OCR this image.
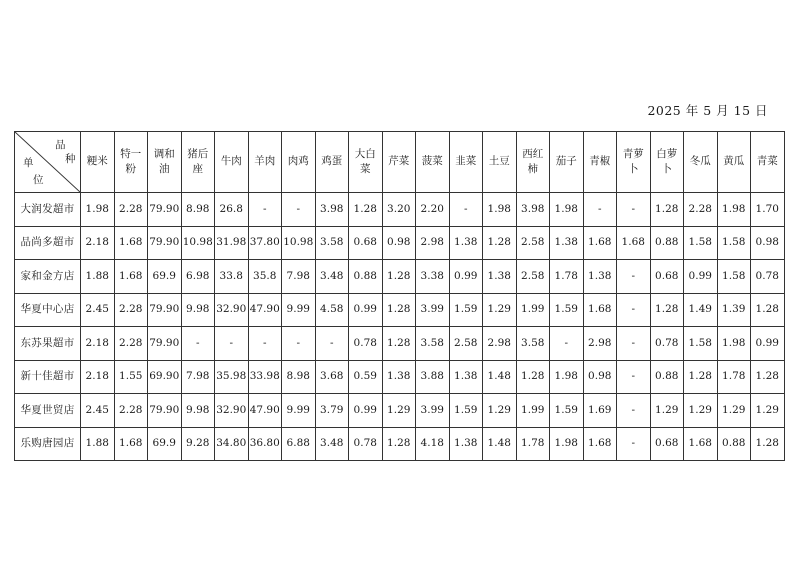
2025 年 5 月 15 日
品
种
单
位	粳米	特一粉	调和油	猪后座	牛肉	羊肉	肉鸡	鸡蛋	大白菜	芹菜	菠菜	韭菜	土豆	西红柿	茄子	青椒	青萝卜	白萝卜	冬瓜	黄瓜	青菜
大润发超市	1.98	2.28	79.90	8.98	26.8	-	-	3.98	1.28	3.20	2.20	-	1.98	3.98	1.98	-	-	1.28	2.28	1.98	1.70
品尚多超市	2.18	1.68	79.90	10.98	31.98	37.80	10.98	3.58	0.68	0.98	2.98	1.38	1.28	2.58	1.38	1.68	1.68	0.88	1.58	1.58	0.98
家和金方店	1.88	1.68	69.9	6.98	33.8	35.8	7.98	3.48	0.88	1.28	3.38	0.99	1.38	2.58	1.78	1.38	-	0.68	0.99	1.58	0.78
华夏中心店	2.45	2.28	79.90	9.98	32.90	47.90	9.99	4.58	0.99	1.28	3.99	1.59	1.29	1.99	1.59	1.68	-	1.28	1.49	1.39	1.28
东苏果超市	2.18	2.28	79.90	-	-	-	-	-	0.78	1.28	3.58	2.58	2.98	3.58	-	2.98	-	0.78	1.58	1.98	0.99
新十佳超市	2.18	1.55	69.90	7.98	35.98	33.98	8.98	3.68	0.59	1.38	3.88	1.38	1.48	1.28	1.98	0.98	-	0.88	1.28	1.78	1.28
华夏世贸店	2.45	2.28	79.90	9.98	32.90	47.90	9.99	3.79	0.99	1.29	3.99	1.59	1.29	1.99	1.59	1.69	-	1.29	1.29	1.29	1.29
乐购唐园店	1.88	1.68	69.9	9.28	34.80	36.80	6.88	3.48	0.78	1.28	4.18	1.38	1.48	1.78	1.98	1.68	-	0.68	1.68	0.88	1.28
